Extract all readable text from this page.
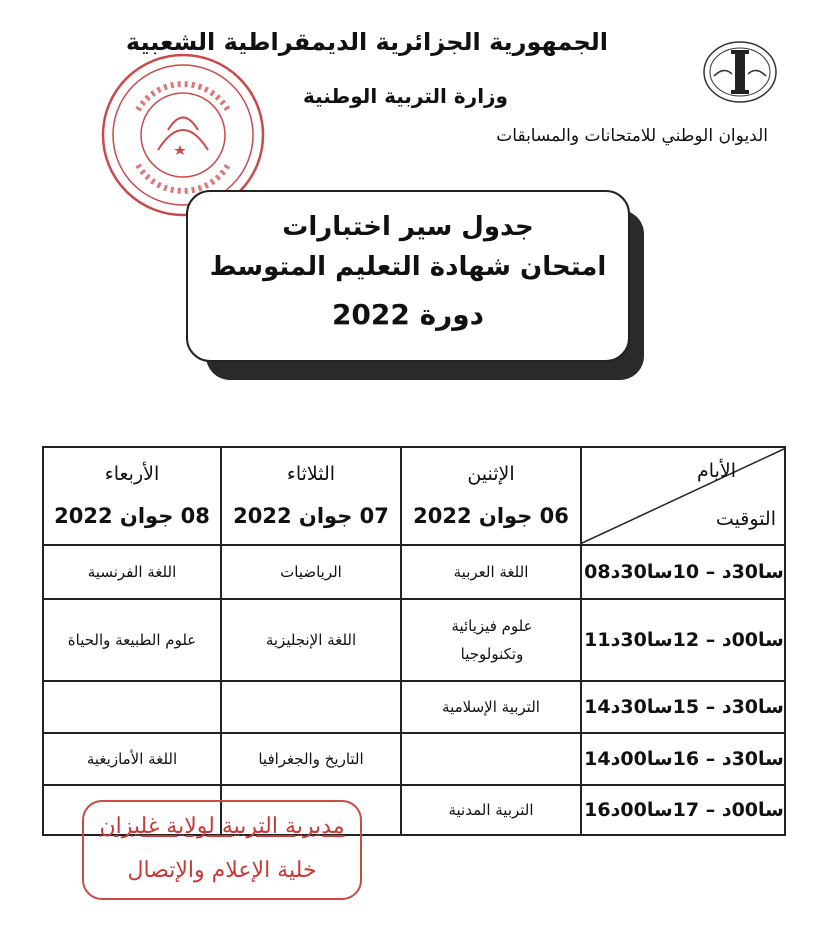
الجمهورية الجزائرية الديمقراطية الشعبية
وزارة التربية الوطنية
الديوان الوطني للامتحانات والمسابقات
جدول سير اختبارات
امتحان شهادة التعليم المتوسط
دورة 2022
الأيام
التوقيت
الإثنين
06 جوان 2022
الثلاثاء
07 جوان 2022
الأربعاء
08 جوان 2022
08سا30د – 10سا30د
اللغة العربية
الرياضيات
اللغة الفرنسية
11سا00د – 12سا30د
علوم فيزيائية وتكنولوجيا
اللغة الإنجليزية
علوم الطبيعة والحياة
14سا30د – 15سا30د
التربية الإسلامية
14سا30د – 16سا00د
التاريخ والجغرافيا
اللغة الأمازيغية
16سا00د – 17سا00د
التربية المدنية
مديرية التربية لولاية غليزان
خلية الإعلام والإتصال
